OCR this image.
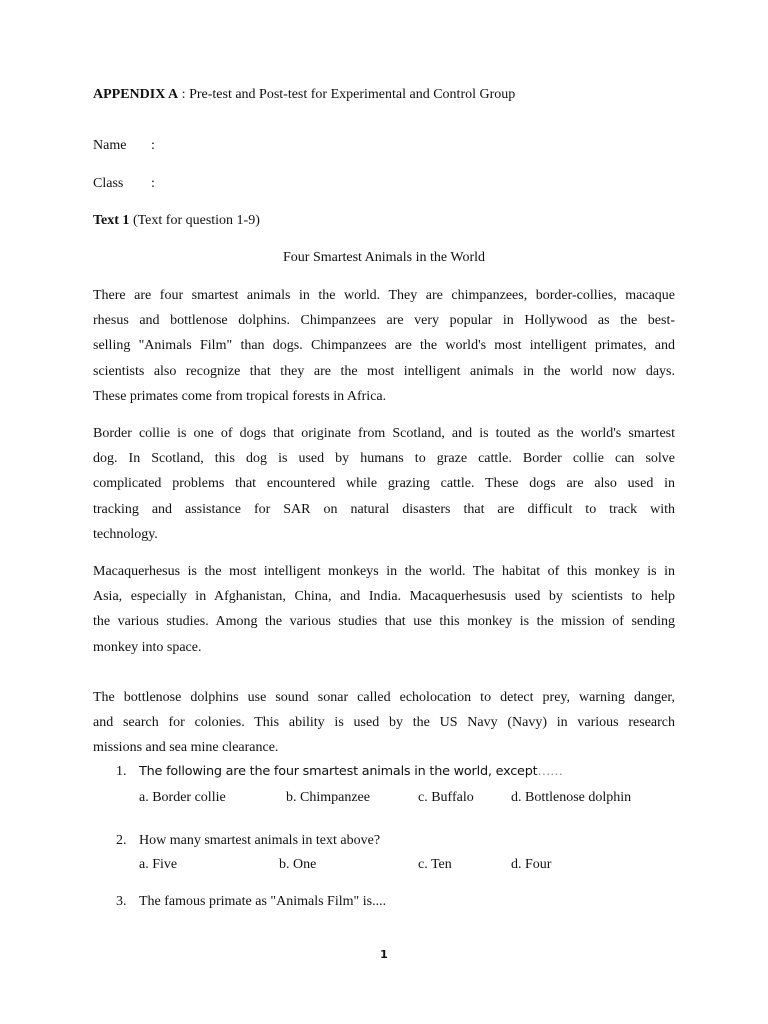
APPENDIX A : Pre-test and Post-test for Experimental and Control Group
Name :
Class :
Text 1 (Text for question 1-9)
Four Smartest Animals in the World
There are four smartest animals in the world. They are chimpanzees, border-collies, macaque
rhesus and bottlenose dolphins. Chimpanzees are very popular in Hollywood as the best-
selling "Animals Film" than dogs. Chimpanzees are the world's most intelligent primates, and
scientists also recognize that they are the most intelligent animals in the world now days.
These primates come from tropical forests in Africa.
Border collie is one of dogs that originate from Scotland, and is touted as the world's smartest
dog. In Scotland, this dog is used by humans to graze cattle. Border collie can solve
complicated problems that encountered while grazing cattle. These dogs are also used in
tracking and assistance for SAR on natural disasters that are difficult to track with
technology.
Macaquerhesus is the most intelligent monkeys in the world. The habitat of this monkey is in
Asia, especially in Afghanistan, China, and India. Macaquerhesusis used by scientists to help
the various studies. Among the various studies that use this monkey is the mission of sending
monkey into space.
The bottlenose dolphins use sound sonar called echolocation to detect prey, warning danger,
and search for colonies. This ability is used by the US Navy (Navy) in various research
missions and sea mine clearance.
1. The following are the four smartest animals in the world, except……
a. Border collie	b. Chimpanzee	c. Buffalo	d. Bottlenose dolphin
2. How many smartest animals in text above?
a. Five	b. One	c. Ten	d. Four
3. The famous primate as "Animals Film" is....
1
